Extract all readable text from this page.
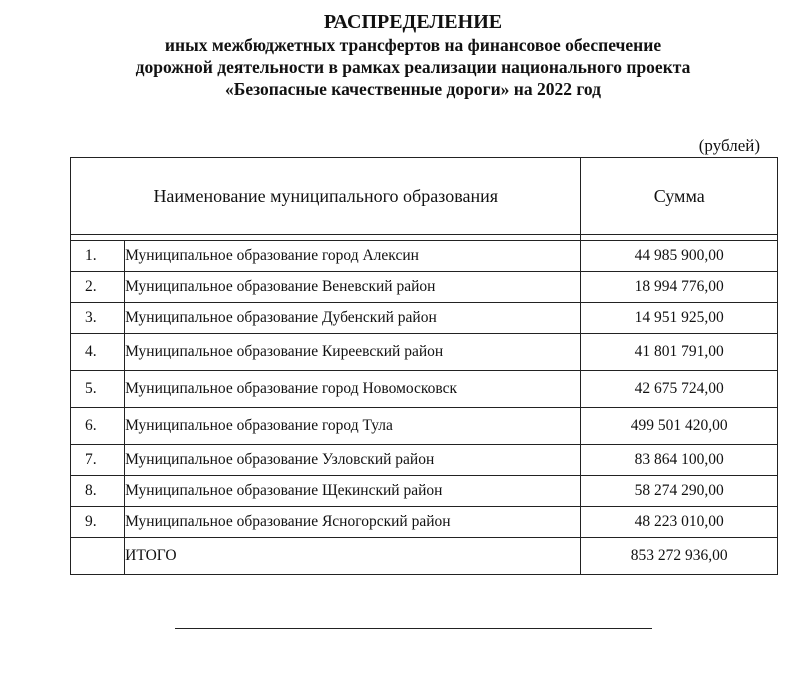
РАСПРЕДЕЛЕНИЕ
иных межбюджетных трансфертов на финансовое обеспечение
дорожной деятельности в рамках реализации национального проекта
«Безопасные качественные дороги» на 2022 год
(рублей)
Наименование муниципального образования		Сумма

1.	Муниципальное образование город Алексин	44 985 900,00
2.	Муниципальное образование Веневский район	18 994 776,00
3.	Муниципальное образование Дубенский район	14 951 925,00
4.	Муниципальное образование Киреевский район	41 801 791,00
5.	Муниципальное образование город Новомосковск	42 675 724,00
6.	Муниципальное образование город Тула	499 501 420,00
7.	Муниципальное образование Узловский район	83 864 100,00
8.	Муниципальное образование Щекинский район	58 274 290,00
9.	Муниципальное образование Ясногорский район	48 223 010,00
	ИТОГО	853 272 936,00
